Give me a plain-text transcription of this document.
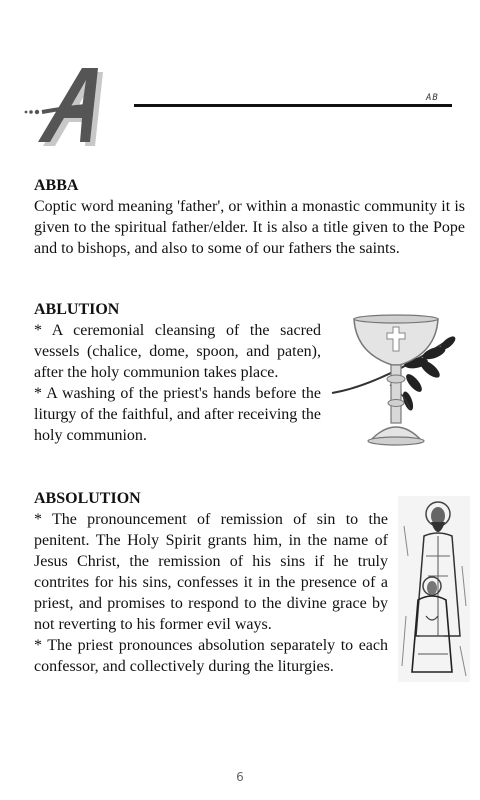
A
AB
ABBA

Coptic word meaning 'father', or within a monastic community it is given to the spiritual father/elder. It is also a title given to the Pope and to bishops, and also to some of our fathers the saints.

ABLUTION

* A ceremonial cleansing of the sacred vessels (chalice, dome, spoon, and paten), after the holy communion takes place.

* A washing of the priest's hands before the liturgy of the faithful, and after receiving the holy communion.

ABSOLUTION

* The pronouncement of remission of sin to the penitent. The Holy Spirit grants him, in the name of Jesus Christ, the remission of his sins if he truly contrites for his sins, confesses it in the presence of a priest, and promises to respond to the divine grace by not reverting to his former evil ways.

* The priest pronounces absolution separately to each confessor, and collectively during the liturgies.

6
